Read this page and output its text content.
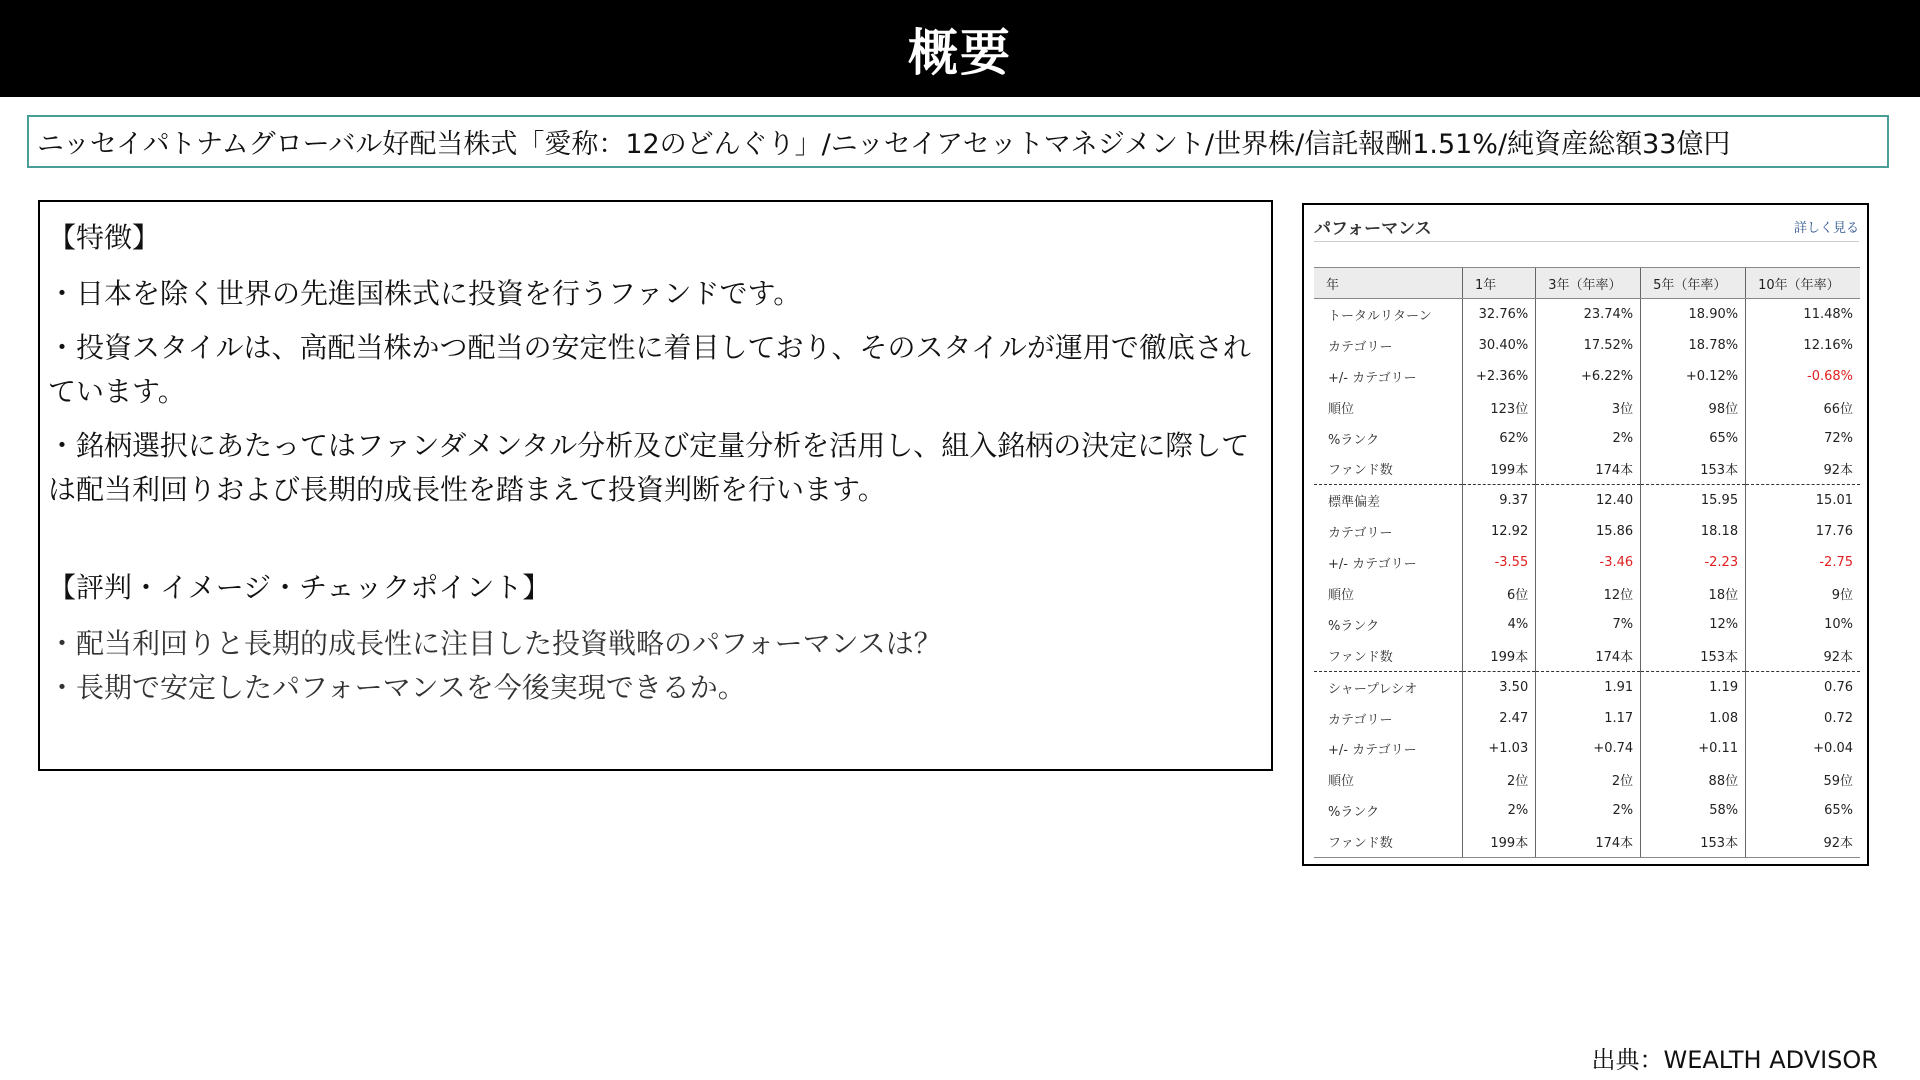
概要
ニッセイパトナムグローバル好配当株式「愛称：12のどんぐり」/ニッセイアセットマネジメント/世界株/信託報酬1.51%/純資産総額33億円
【特徴】

・日本を除く世界の先進国株式に投資を行うファンドです。

・投資スタイルは、高配当株かつ配当の安定性に着目しており、そのスタイルが運用で徹底されています。

・銘柄選択にあたってはファンダメンタル分析及び定量分析を活用し、組入銘柄の決定に際しては配当利回りおよび長期的成長性を踏まえて投資判断を行います。

【評判・イメージ・チェックポイント】

・配当利回りと長期的成長性に注目した投資戦略のパフォーマンスは？

・長期で安定したパフォーマンスを今後実現できるか。

パフォーマンス	詳しく見る
年	1年	3年（年率）	5年（年率）	10年（年率）
トータルリターン	32.76%	23.74%	18.90%	11.48%
カテゴリー	30.40%	17.52%	18.78%	12.16%
+/- カテゴリー	+2.36%	+6.22%	+0.12%	-0.68%
順位	123位	3位	98位	66位
%ランク	62%	2%	65%	72%
ファンド数	199本	174本	153本	92本
標準偏差	9.37	12.40	15.95	15.01
カテゴリー	12.92	15.86	18.18	17.76
+/- カテゴリー	-3.55	-3.46	-2.23	-2.75
順位	6位	12位	18位	9位
%ランク	4%	7%	12%	10%
ファンド数	199本	174本	153本	92本
シャープレシオ	3.50	1.91	1.19	0.76
カテゴリー	2.47	1.17	1.08	0.72
+/- カテゴリー	+1.03	+0.74	+0.11	+0.04
順位	2位	2位	88位	59位
%ランク	2%	2%	58%	65%
ファンド数	199本	174本	153本	92本
出典：WEALTH ADVISOR
